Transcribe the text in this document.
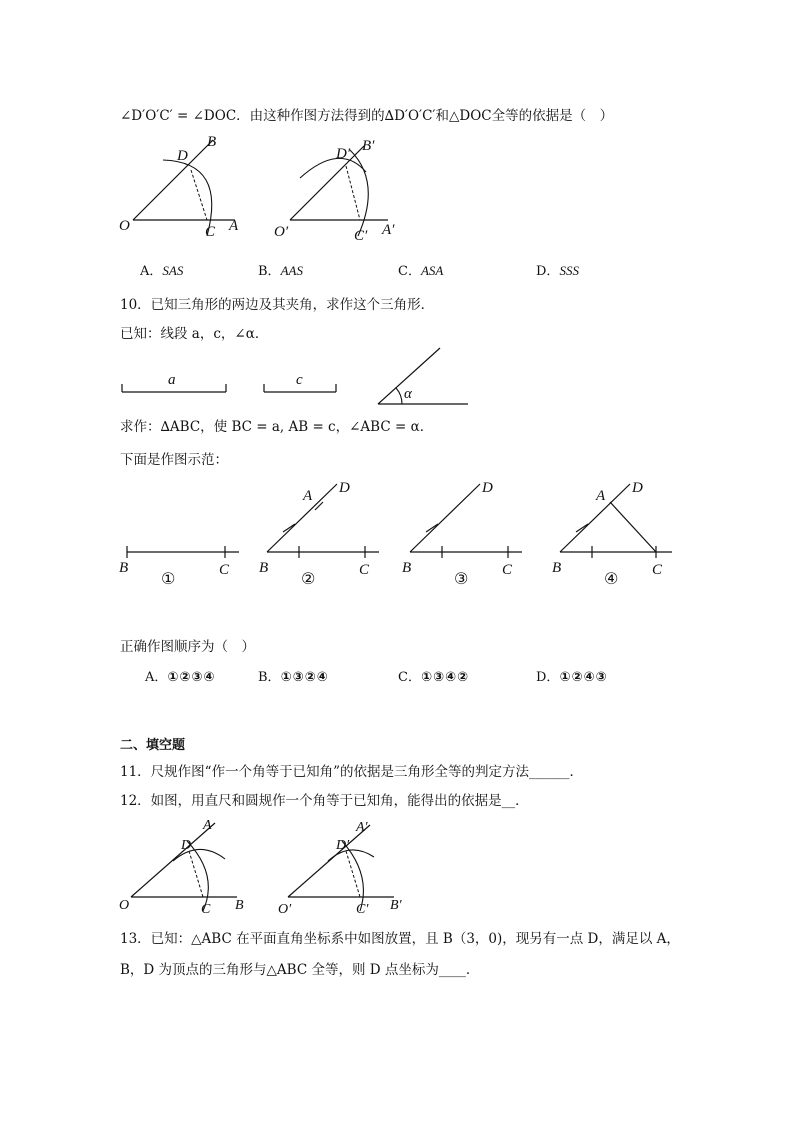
∠D′O′C′ = ∠DOC．由这种作图方法得到的∆D′O′C′和△DOC全等的依据是（　）
O
D
B
C A O′
D′ B′
C′ A′
A．SAS	B．AAS	C．ASA	D．SSS
10．已知三角形的两边及其夹角，求作这个三角形．
已知：线段 a，c，∠α．
a	c
α
求作：∆ABC，使 BC = a, AB = c，∠ABC = α．
下面是作图示范：
B	C
①
A D
B	C
②
D
B	C
③
A D
B	C
④
正确作图顺序为（　）
A．①②③④	B．①③②④	C．①③④②	D．①②④③
二、填空题
11．尺规作图“作一个角等于已知角”的依据是三角形全等的判定方法______．
12．如图，用直尺和圆规作一个角等于已知角，能得出的依据是__．
O
D
A
C B O′
D′
A′
C′ B′
13．已知：△ABC 在平面直角坐标系中如图放置，且 B（3，0)，现另有一点 D，满足以 A，
B，D 为顶点的三角形与△ABC 全等，则 D 点坐标为____．
